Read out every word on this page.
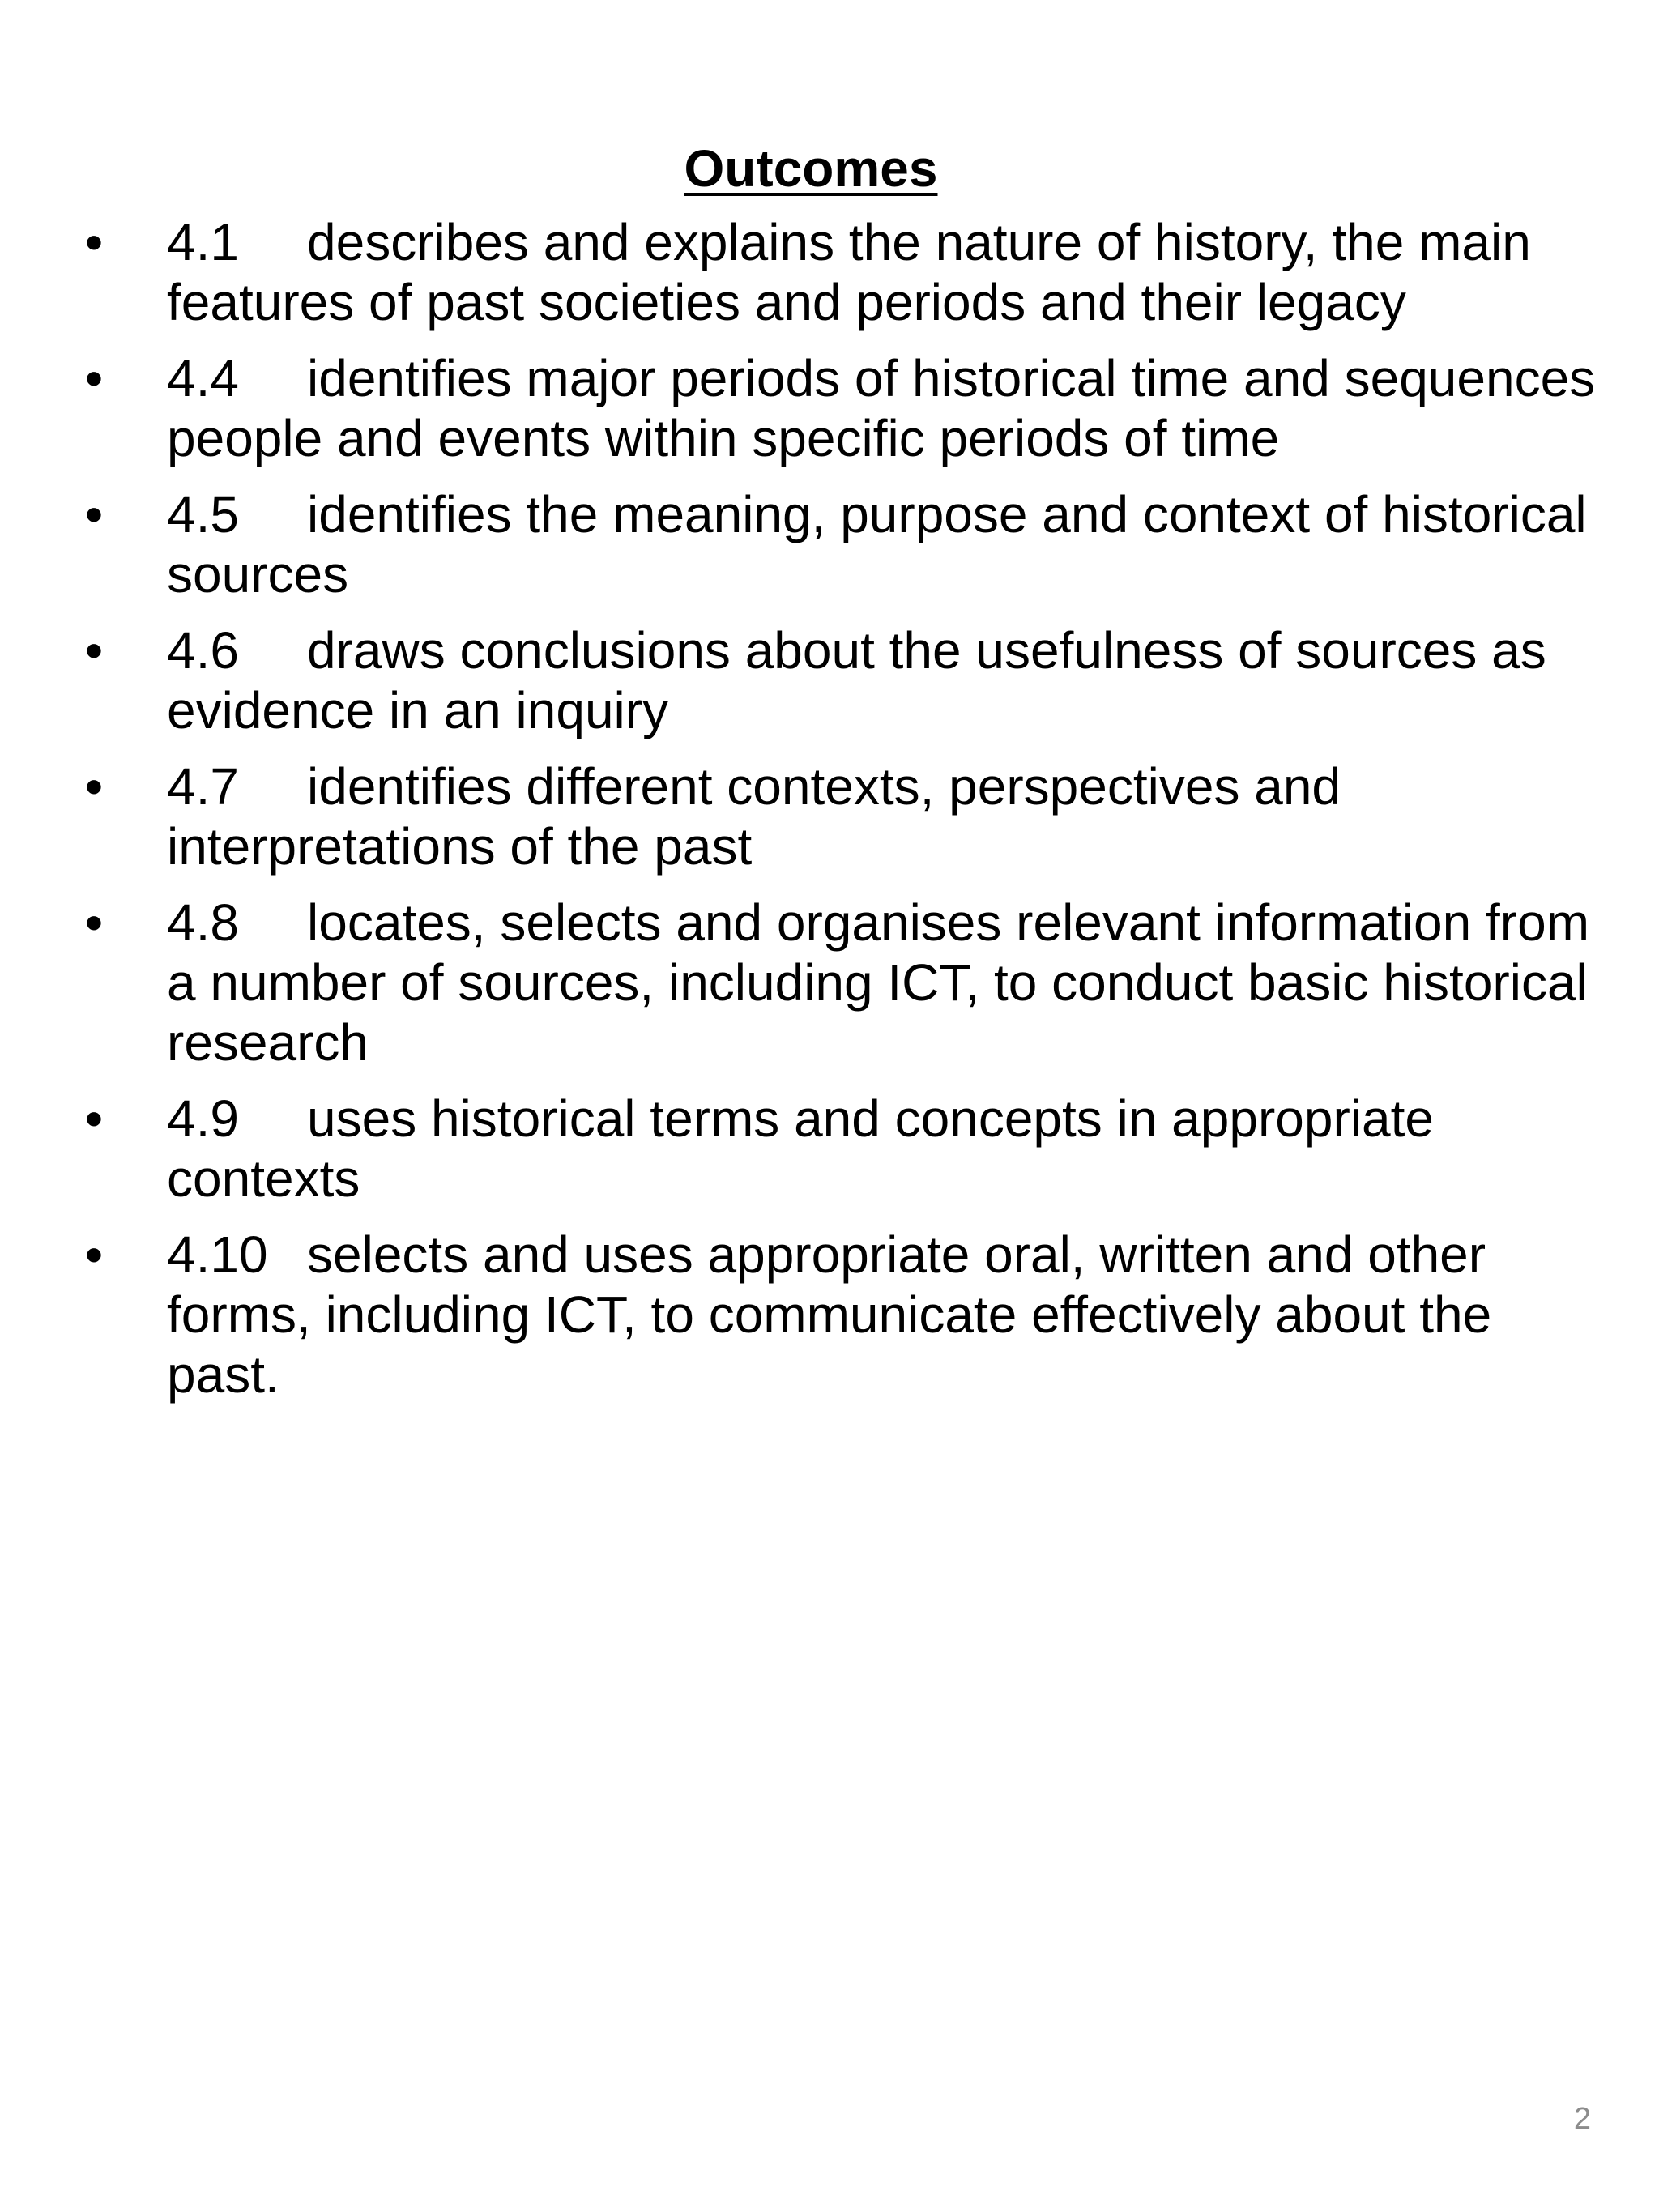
Outcomes
• 4.1 describes and explains the nature of history, the main features of past societies and periods and their legacy
• 4.4 identifies major periods of historical time and sequences people and events within specific periods of time
• 4.5 identifies the meaning, purpose and context of historical sources
• 4.6 draws conclusions about the usefulness of sources as evidence in an inquiry
• 4.7 identifies different contexts, perspectives and interpretations of the past
• 4.8 locates, selects and organises relevant information from a number of sources, including ICT, to conduct basic historical research
• 4.9 uses historical terms and concepts in appropriate contexts
• 4.10 selects and uses appropriate oral, written and other forms, including ICT, to communicate effectively about the past.
2
